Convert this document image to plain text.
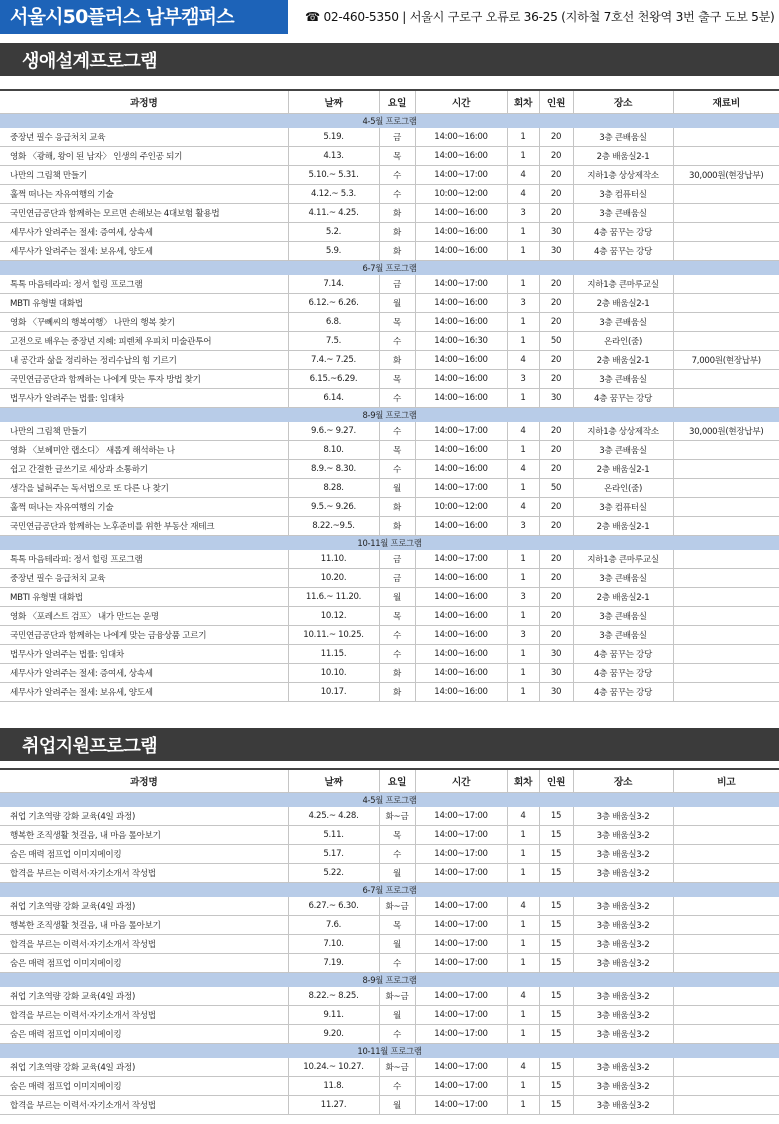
서울시50플러스 남부캠퍼스	☎ 02-460-5350 | 서울시 구로구 오류로 36-25 (지하철 7호선 천왕역 3번 출구 도보 5분)
생애설계프로그램
과정명	날짜	요일	시간	회차	인원	장소	재료비
4-5월 프로그램							
중장년 필수 응급처치 교육	5.19.	금	14:00~16:00	1	20	3층 큰배움실	
영화 〈광해, 왕이 된 남자〉 인생의 주인공 되기	4.13.	목	14:00~16:00	1	20	2층 배움실2-1	
나만의 그림책 만들기	5.10.~ 5.31.	수	14:00~17:00	4	20	지하1층 상상제작소	30,000원(현장납부)
훌쩍 떠나는 자유여행의 기술	4.12.~ 5.3.	수	10:00~12:00	4	20	3층 컴퓨터실	
국민연금공단과 함께하는 모르면 손해보는 4대보험 활용법	4.11.~ 4.25.	화	14:00~16:00	3	20	3층 큰배움실	
세무사가 알려주는 절세: 증여세, 상속세	5.2.	화	14:00~16:00	1	30	4층 꿈꾸는 강당	
세무사가 알려주는 절세: 보유세, 양도세	5.9.	화	14:00~16:00	1	30	4층 꿈꾸는 강당	
6-7월 프로그램							
톡톡 마음테라피: 정서 힐링 프로그램	7.14.	금	14:00~17:00	1	20	지하1층 큰마루교실	
MBTI 유형별 대화법	6.12.~ 6.26.	월	14:00~16:00	3	20	2층 배움실2-1	
영화 〈꾸뻬씨의 행복여행〉 나만의 행복 찾기	6.8.	목	14:00~16:00	1	20	3층 큰배움실	
고전으로 배우는 중장년 지혜: 피렌체 우피치 미술관투어	7.5.	수	14:00~16:30	1	50	온라인(줌)	
내 공간과 삶을 정리하는 정리수납의 힘 기르기	7.4.~ 7.25.	화	14:00~16:00	4	20	2층 배움실2-1	7,000원(현장납부)
국민연금공단과 함께하는 나에게 맞는 투자 방법 찾기	6.15.~6.29.	목	14:00~16:00	3	20	3층 큰배움실	
법무사가 알려주는 법률: 임대차	6.14.	수	14:00~16:00	1	30	4층 꿈꾸는 강당	
8-9월 프로그램							
나만의 그림책 만들기	9.6.~ 9.27.	수	14:00~17:00	4	20	지하1층 상상제작소	30,000원(현장납부)
영화 〈보헤미안 랩소디〉 새롭게 해석하는 나	8.10.	목	14:00~16:00	1	20	3층 큰배움실	
쉽고 간결한 글쓰기로 세상과 소통하기	8.9.~ 8.30.	수	14:00~16:00	4	20	2층 배움실2-1	
생각을 넓혀주는 독서법으로 또 다른 나 찾기	8.28.	월	14:00~17:00	1	50	온라인(줌)	
훌쩍 떠나는 자유여행의 기술	9.5.~ 9.26.	화	10:00~12:00	4	20	3층 컴퓨터실	
국민연금공단과 함께하는 노후준비를 위한 부동산 재테크	8.22.~9.5.	화	14:00~16:00	3	20	2층 배움실2-1	
10-11월 프로그램							
톡톡 마음테라피: 정서 힐링 프로그램	11.10.	금	14:00~17:00	1	20	지하1층 큰마루교실	
중장년 필수 응급처치 교육	10.20.	금	14:00~16:00	1	20	3층 큰배움실	
MBTI 유형별 대화법	11.6.~ 11.20.	월	14:00~16:00	3	20	2층 배움실2-1	
영화 〈포레스트 검프〉 내가 만드는 운명	10.12.	목	14:00~16:00	1	20	3층 큰배움실	
국민연금공단과 함께하는 나에게 맞는 금융상품 고르기	10.11.~ 10.25.	수	14:00~16:00	3	20	3층 큰배움실	
법무사가 알려주는 법률: 임대차	11.15.	수	14:00~16:00	1	30	4층 꿈꾸는 강당	
세무사가 알려주는 절세: 증여세, 상속세	10.10.	화	14:00~16:00	1	30	4층 꿈꾸는 강당	
세무사가 알려주는 절세: 보유세, 양도세	10.17.	화	14:00~16:00	1	30	4층 꿈꾸는 강당	
취업지원프로그램
과정명	날짜	요일	시간	회차	인원	장소	비고
4-5월 프로그램							
취업 기초역량 강화 교육(4일 과정)	4.25.~ 4.28.	화~금	14:00~17:00	4	15	3층 배움실3-2	
행복한 조직생활 첫걸음, 내 마음 톺아보기	5.11.	목	14:00~17:00	1	15	3층 배움실3-2	
숨은 매력 점프업 이미지메이킹	5.17.	수	14:00~17:00	1	15	3층 배움실3-2	
합격을 부르는 이력서·자기소개서 작성법	5.22.	월	14:00~17:00	1	15	3층 배움실3-2	
6-7월 프로그램							
취업 기초역량 강화 교육(4일 과정)	6.27.~ 6.30.	화~금	14:00~17:00	4	15	3층 배움실3-2	
행복한 조직생활 첫걸음, 내 마음 톺아보기	7.6.	목	14:00~17:00	1	15	3층 배움실3-2	
합격을 부르는 이력서·자기소개서 작성법	7.10.	월	14:00~17:00	1	15	3층 배움실3-2	
숨은 매력 점프업 이미지메이킹	7.19.	수	14:00~17:00	1	15	3층 배움실3-2	
8-9월 프로그램							
취업 기초역량 강화 교육(4일 과정)	8.22.~ 8.25.	화~금	14:00~17:00	4	15	3층 배움실3-2	
합격을 부르는 이력서·자기소개서 작성법	9.11.	월	14:00~17:00	1	15	3층 배움실3-2	
숨은 매력 점프업 이미지메이킹	9.20.	수	14:00~17:00	1	15	3층 배움실3-2	
10-11월 프로그램							
취업 기초역량 강화 교육(4일 과정)	10.24.~ 10.27.	화~금	14:00~17:00	4	15	3층 배움실3-2	
숨은 매력 점프업 이미지메이킹	11.8.	수	14:00~17:00	1	15	3층 배움실3-2	
합격을 부르는 이력서·자기소개서 작성법	11.27.	월	14:00~17:00	1	15	3층 배움실3-2	
